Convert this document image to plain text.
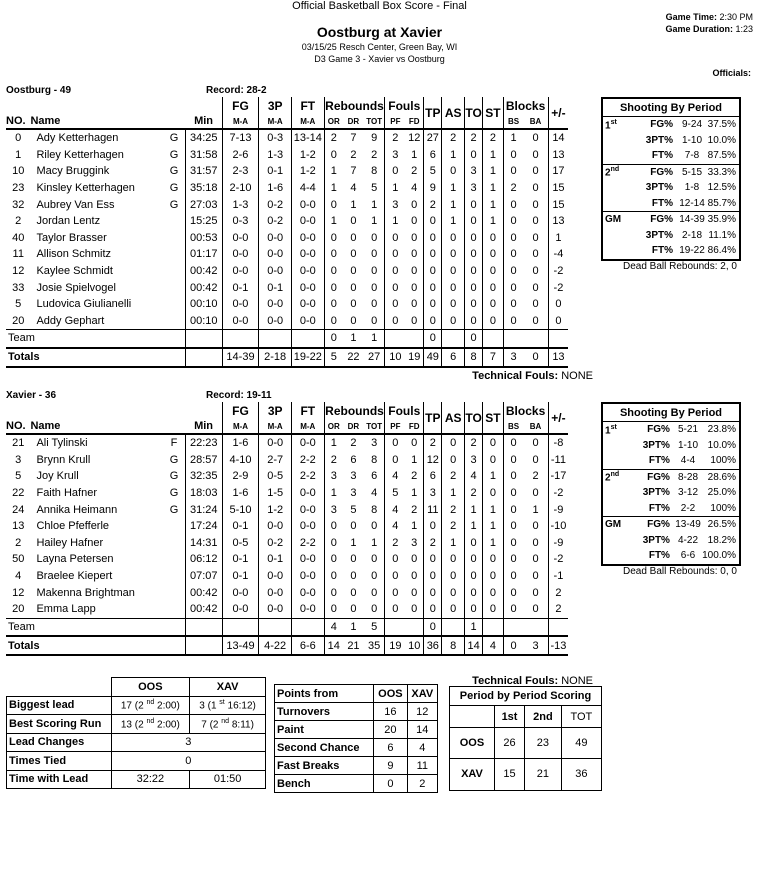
Official Basketball Box Score - Final
Oostburg at Xavier
03/15/25 Resch Center, Green Bay, WI
D3 Game 3 - Xavier vs Oostburg
Game Time: 2:30 PM
Game Duration: 1:23
Officials:
Oostburg - 49	Record: 28-2
				FG	3P	FT	Rebounds			Fouls		TP	AS	TO	ST	Blocks		+/-
NO.	Name		Min	M-A	M-A	M-A	OR	DR	TOT	PF	FD					BS	BA	
0	Ady Ketterhagen	G	34:25	7-13	0-3	13-14	2	7	9	2	12	27	2	2	2	1	0	14
1	Riley Ketterhagen	G	31:58	2-6	1-3	1-2	0	2	2	3	1	6	1	0	1	0	0	13
10	Macy Bruggink	G	31:57	2-3	0-1	1-2	1	7	8	0	2	5	0	3	1	0	0	17
23	Kinsley Ketterhagen	G	35:18	2-10	1-6	4-4	1	4	5	1	4	9	1	3	1	2	0	15
32	Aubrey Van Ess	G	27:03	1-3	0-2	0-0	0	1	1	3	0	2	1	0	1	0	0	15
2	Jordan Lentz		15:25	0-3	0-2	0-0	1	0	1	1	0	0	1	0	1	0	0	13
40	Taylor Brasser		00:53	0-0	0-0	0-0	0	0	0	0	0	0	0	0	0	0	0	1
11	Allison Schmitz		01:17	0-0	0-0	0-0	0	0	0	0	0	0	0	0	0	0	0	-4
12	Kaylee Schmidt		00:42	0-0	0-0	0-0	0	0	0	0	0	0	0	0	0	0	0	-2
33	Josie Spielvogel		00:42	0-1	0-1	0-0	0	0	0	0	0	0	0	0	0	0	0	-2
5	Ludovica Giulianelli		00:10	0-0	0-0	0-0	0	0	0	0	0	0	0	0	0	0	0	0
20	Addy Gephart		00:10	0-0	0-0	0-0	0	0	0	0	0	0	0	0	0	0	0	0
Team							0	1	1			0		0				
Totals				14-39	2-18	19-22	5	22	27	10	19	49	6	8	7	3	0	13
Technical Fouls: NONE
Shooting By Period			
1st	FG%	9-24	37.5%
	3PT%	1-10	10.0%
	FT%	7-8	87.5%
2nd	FG%	5-15	33.3%
	3PT%	1-8	12.5%
	FT%	12-14	85.7%
GM	FG%	14-39	35.9%
	3PT%	2-18	11.1%
	FT%	19-22	86.4%
Dead Ball Rebounds: 2, 0
Xavier - 36	Record: 19-11
				FG	3P	FT	Rebounds			Fouls		TP	AS	TO	ST	Blocks		+/-
NO.	Name		Min	M-A	M-A	M-A	OR	DR	TOT	PF	FD					BS	BA	
21	Ali Tylinski	F	22:23	1-6	0-0	0-0	1	2	3	0	0	2	0	2	0	0	0	-8
3	Brynn Krull	G	28:57	4-10	2-7	2-2	2	6	8	0	1	12	0	3	0	0	0	-11
5	Joy Krull	G	32:35	2-9	0-5	2-2	3	3	6	4	2	6	2	4	1	0	2	-17
22	Faith Hafner	G	18:03	1-6	1-5	0-0	1	3	4	5	1	3	1	2	0	0	0	-2
24	Annika Heimann	G	31:24	5-10	1-2	0-0	3	5	8	4	2	11	2	1	1	0	1	-9
13	Chloe Pfefferle		17:24	0-1	0-0	0-0	0	0	0	4	1	0	2	1	1	0	0	-10
2	Hailey Hafner		14:31	0-5	0-2	2-2	0	1	1	2	3	2	1	0	1	0	0	-9
50	Layna Petersen		06:12	0-1	0-1	0-0	0	0	0	0	0	0	0	0	0	0	0	-2
4	Braelee Kiepert		07:07	0-1	0-0	0-0	0	0	0	0	0	0	0	0	0	0	0	-1
12	Makenna Brightman		00:42	0-0	0-0	0-0	0	0	0	0	0	0	0	0	0	0	0	2
20	Emma Lapp		00:42	0-0	0-0	0-0	0	0	0	0	0	0	0	0	0	0	0	2
Team							4	1	5			0		1				
Totals				13-49	4-22	6-6	14	21	35	19	10	36	8	14	4	0	3	-13
Technical Fouls: NONE
Shooting By Period			
1st	FG%	5-21	23.8%
	3PT%	1-10	10.0%
	FT%	4-4	100%
2nd	FG%	8-28	28.6%
	3PT%	3-12	25.0%
	FT%	2-2	100%
GM	FG%	13-49	26.5%
	3PT%	4-22	18.2%
	FT%	6-6	100.0%
Dead Ball Rebounds: 0, 0
	OOS	XAV
Biggest lead	17 (2 $^{nd}$ 2:00)	3 (1 $^{st}$ 16:12)
Best Scoring Run	13 (2 $^{nd}$ 2:00)	7 (2 $^{nd}$ 8:11)
Lead Changes	3	
Times Tied	0	
Time with Lead	32:22	01:50
Points from	OOS	XAV
Turnovers	16	12
Paint	20	14
Second Chance	6	4
Fast Breaks	9	11
Bench	0	2
Period by Period Scoring			
	1st	2nd	TOT
OOS	26	23	49
XAV	15	21	36
